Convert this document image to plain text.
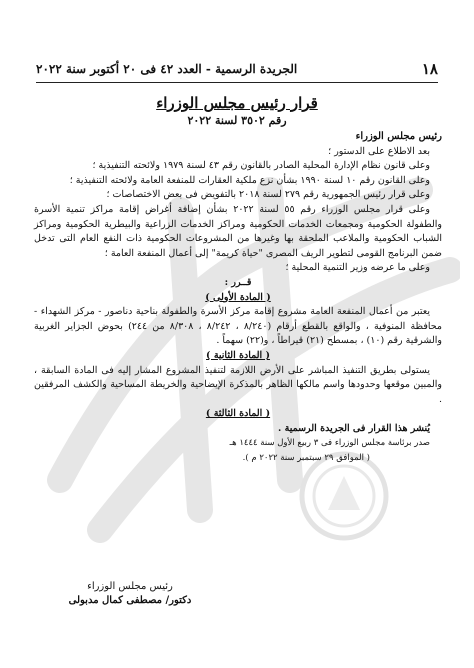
١٨
الجريدة الرسمية - العدد ٤٢ فى ٢٠ أكتوبر سنة ٢٠٢٢
قرار رئيس مجلس الوزراء
رقم ٣٥٠٢ لسنة ٢٠٢٢

رئيس مجلس الوزراء

بعد الاطلاع على الدستور ؛

وعلى قانون نظام الإدارة المحلية الصادر بالقانون رقم ٤٣ لسنة ١٩٧٩ ولائحته التنفيذية ؛

وعلى القانون رقم ١٠ لسنة ١٩٩٠ بشأن نزع ملكية العقارات للمنفعة العامة ولائحته التنفيذية ؛

وعلى قرار رئيس الجمهورية رقم ٢٧٩ لسنة ٢٠١٨ بالتفويض فى بعض الاختصاصات ؛

وعلى قرار مجلس الوزراء رقم ٥٥ لسنة ٢٠٢٢ بشأن إضافة أغراض إقامة مراكز تنمية الأسرة والطفولة الحكومية ومجمعات الخدمات الحكومية ومراكز الخدمات الزراعية والبيطرية الحكومية ومراكز الشباب الحكومية والملاعب الملحقة بها وغيرها من المشروعات الحكومية ذات النفع العام التى تدخل ضمن البرنامج القومى لتطوير الريف المصرى "حياة كريمة" إلى أعمال المنفعة العامة ؛

وعلى ما عرضه وزير التنمية المحلية ؛

قــرر :

( المادة الأولى )

يعتبر من أعمال المنفعة العامة مشروع إقامة مركز الأسرة والطفولة بناحية دناصور - مركز الشهداء - محافظة المنوفية ، والواقع بالقطع أرقام (٨/٢٤٠ ، ٨/٢٤٢ ، ٨/٣٠٨ من ٢٤٤) بحوض الجزاير الغربية والشرقية رقم (١٠) ، بمسطح (٢١) قيراطاً ، و(٢٢) سهماً .

( المادة الثانية )

يستولى بطريق التنفيذ المباشر على الأرض اللازمة لتنفيذ المشروع المشار إليه فى المادة السابقة ، والمبين موقعها وحدودها واسم مالكها الظاهر بالمذكرة الإيضاحية والخريطة المساحية والكشف المرفقين .

( المادة الثالثة )

يُنشر هذا القرار فى الجريدة الرسمية .

صدر برئاسة مجلس الوزراء فى ٣ ربيع الأول سنة ١٤٤٤ هـ

( الموافق ٢٩ سبتمبر سنة ٢٠٢٢ م ).

رئيس مجلس الوزراء
دكتور/ مصطفى كمال مدبولى
